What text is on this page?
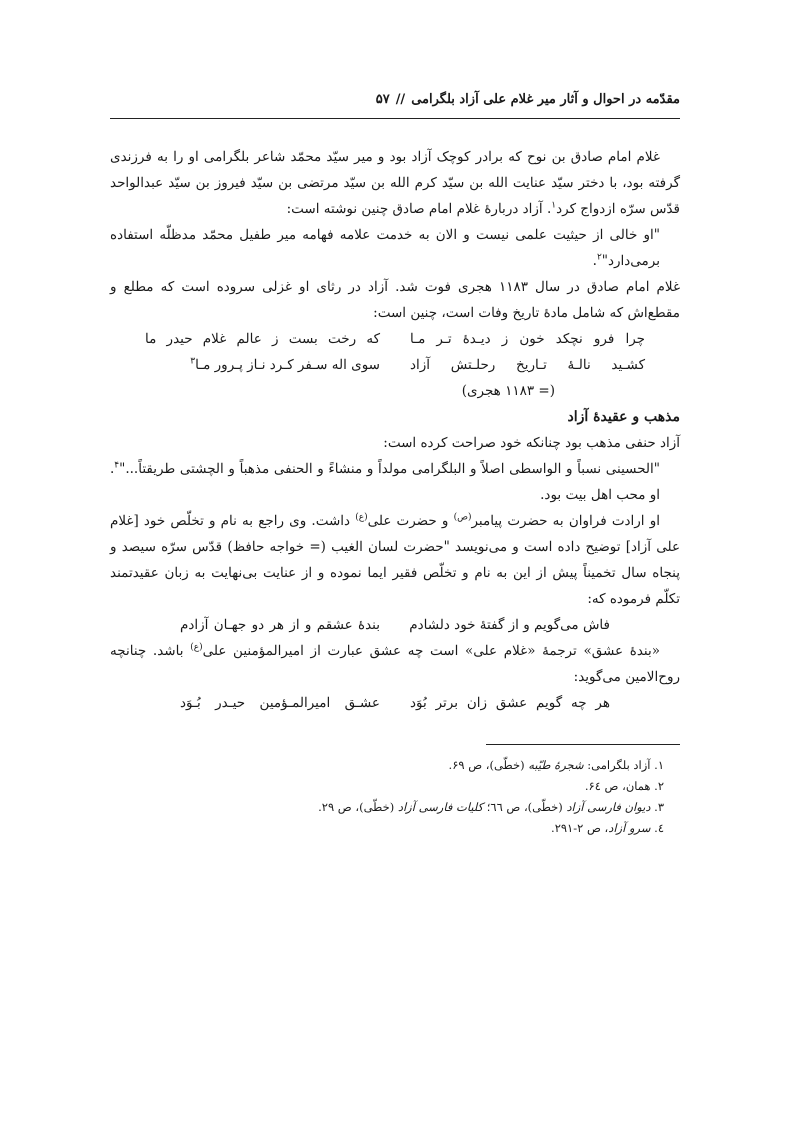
مقدّمه در احوال و آثار میر غلام علی آزاد بلگرامی
//
۵۷

غلام امام صادق بن نوح که برادر کوچک آزاد بود و میر سیّد محمّد شاعر بلگرامی او را به فرزندی گرفته بود، با دختر سیّد عنایت الله بن سیّد کرم الله بن سیّد مرتضی بن سیّد فیروز بن سیّد عبدالواحد قدّس سرّه ازدواج کرد$^۱$. آزاد دربارهٔ غلام امام صادق چنین نوشته است:

"او خالی از حیثیت علمی نیست و الان به خدمت علامه فهامه میر طفیل محمّد مدظلّه استفاده برمی‌دارد"$^۲$.

غلام امام صادق در سال ۱۱۸۳ هجری فوت شد. آزاد در رثای او غزلی سروده است که مطلع و مقطع‌اش که شامل مادهٔ تاریخ وفات است، چنین است:

چرا فرو نچکد خون ز دیـدهٔ تـر مـا
که رخت بست ز عالم غلام حیدر ما
کشـید نالـهٔ تـاریخ رحلـتش آزاد
سوی اله سـفر کـرد نـاز پـرور مـا$^۳$

(= ۱۱۸۳ هجری)

مذهب و عقیدهٔ آزاد

آزاد حنفی مذهب بود چنانکه خود صراحت کرده است:

"الحسینی نسباً و الواسطی اصلاً و البلگرامی مولداً و منشاءً و الحنفی مذهباً و الچشتی طریقتاً..."$^۴$. او محب اهل بیت بود.

او ارادت فراوان به حضرت پیامبر$^{(ص)}$ و حضرت علی$^{(ع)}$ داشت. وی راجع به نام و تخلّص خود [غلام علی آزاد] توضیح داده است و می‌نویسد "حضرت لسان الغیب (= خواجه حافظ) قدّس سرّه سیصد و پنجاه سال تخمیناً پیش از این به نام و تخلّص فقیر ایما نموده و از عنایت بی‌نهایت به زبان عقیدتمند تکلّم فرموده که:

فاش می‌گویم و از گفتهٔ خود دلشادم
بندهٔ عشقم و از هر دو جهـان آزادم

«بندهٔ عشق» ترجمهٔ «غلام علی» است چه عشق عبارت از امیرالمؤمنین علی$^{(ع)}$ باشد. چنانچه روح‌الامین می‌گوید:

هر چه گویم عشق زان برتر بُوَد
عشـق امیرالمـؤمین حیـدر بُـوَد

۱. آزاد بلگرامی: شجرهٔ طیّبه (خطّی)، ص ۶۹.

۲. همان، ص ۶٤.

۳. دیوان فارسی آزاد (خطّی)، ص ٦٦؛ کلیات فارسی آزاد (خطّی)، ص ۲۹.

٤. سرو آزاد، ص ۲-۲۹۱.
